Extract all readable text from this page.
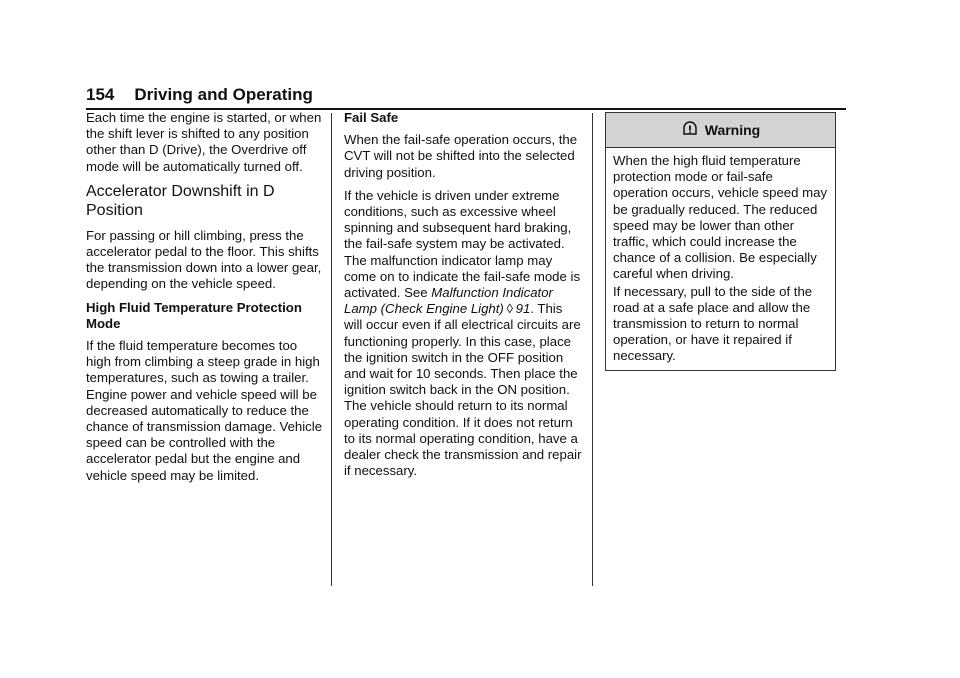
154 Driving and Operating

Each time the engine is started, or when the shift lever is shifted to any position other than D (Drive), the Overdrive off mode will be automatically turned off.

Accelerator Downshift in D Position

For passing or hill climbing, press the accelerator pedal to the floor. This shifts the transmission down into a lower gear, depending on the vehicle speed.

High Fluid Temperature Protection Mode

If the fluid temperature becomes too high from climbing a steep grade in high temperatures, such as towing a trailer. Engine power and vehicle speed will be decreased automatically to reduce the chance of transmission damage. Vehicle speed can be controlled with the accelerator pedal but the engine and vehicle speed may be limited.

Fail Safe

When the fail-safe operation occurs, the CVT will not be shifted into the selected driving position.

If the vehicle is driven under extreme conditions, such as excessive wheel spinning and subsequent hard braking, the fail-safe system may be activated. The malfunction indicator lamp may come on to indicate the fail-safe mode is activated. See Malfunction Indicator Lamp (Check Engine Light)  ◊  91. This will occur even if all electrical circuits are functioning properly. In this case, place the ignition switch in the OFF position and wait for 10 seconds. Then place the ignition switch back in the ON position. The vehicle should return to its normal operating condition. If it does not return to its normal operating condition, have a dealer check the transmission and repair if necessary.

Warning

When the high fluid temperature protection mode or fail-safe operation occurs, vehicle speed may be gradually reduced. The reduced speed may be lower than other traffic, which could increase the chance of a collision. Be especially careful when driving.

If necessary, pull to the side of the road at a safe place and allow the transmission to return to normal operation, or have it repaired if necessary.
